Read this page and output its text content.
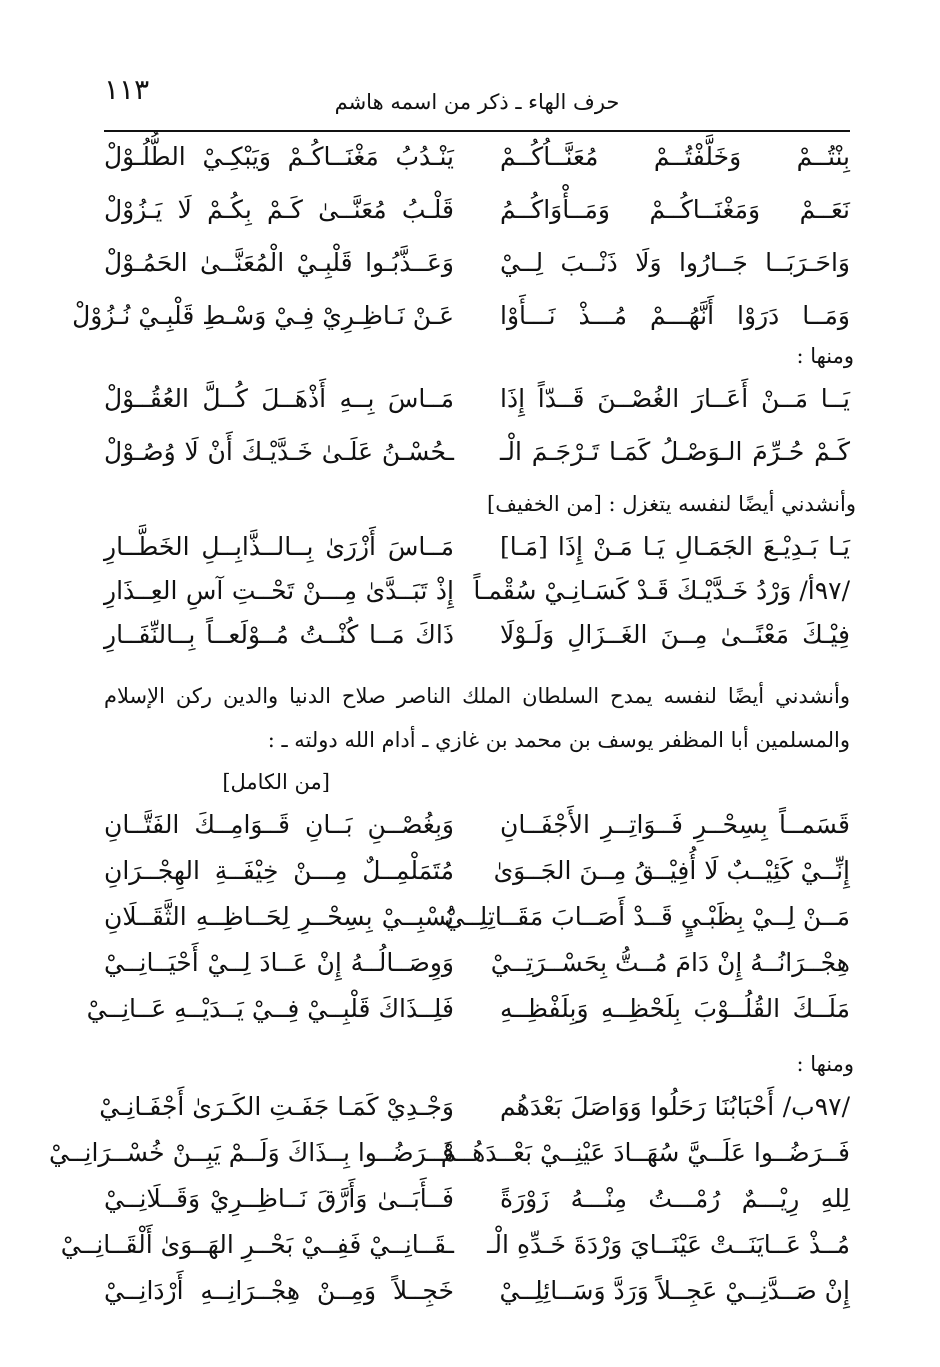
١١٣	حرف الهاء ـ ذكر من اسمه هاشم
بِنْتُــمْ وَخَلَّفْتُــمْ مُعَنَّــاُكُــمْ
يَنْـدُبُ مَغْنَــاكُـمْ وَيَبْكِـيْ الطُّلُـوْلْ
نَعَــمْ وَمَغْنَــاكُــمْ وَمَــأْوَاكُــمُ
قَلْـبُ مُعَنَّــىٰ كَـمْ بِكُـمْ لَا يَـزُوْلْ
وَاحَـرَبَــا جَــارُوا وَلَا ذَنْــبَ لِــيْ
وَعَــذَّبُـوا قَلْبِـيْ الْمُعَنَّــىٰ الحَمُـوْلْ
وَمَــا دَرَوْا أَنَّهُـــمْ مُـــذْ نَـــأَوْا
عَـنْ نَـاظِـرِيْ فِـيْ وَسْـطِ قَلْبِـيْ نُـزُوْلْ
ومنها :
يَــا مَــنْ أَعَــارَ الغُصْــنَ قَــدّاً إِذَا
مَــاسَ بِــهِ أَذْهَــلَ كُــلَّ العُقُــوْلْ
كَـمْ حُـرِّمَ الـوَصْـلُ كَمَـا تَـرْجَـمَ الْـ
ـحُسْـنُ عَلَـىٰ خَـدَّيْـكَ أَنْ لَا وُصُـوْلْ
وأنشدني أيضًا لنفسه يتغزل : [من الخفيف]
يَـا بَـدِيْـعَ الجَمَـالِ يَـا مَـنْ إِذَا [مَـا]
مَــاسَ أَزْرَىٰ بِــالــذَّابِــلِ الخَطَّــارِ
/٩٧أ/ وَرْدُ خَـدَّيْـكَ قَـدْ كَسَـانِـيْ سُقْمـاً
إِذْ تَبَــدَّىٰ مِـــنْ تَحْــتِ آسِ العِــذَارِ
فِيْـكَ مَعْنًــىٰ مِــنَ الغَــزَالِ وَلَـوْلَا
ذَاكَ مَــا كُنْــتُ مُــوْلَعــاً بِــالنِّفَــارِ
وأنشدني أيضًا لنفسه يمدح السلطان الملك الناصر صلاح الدنيا والدين ركن الإسلام
والمسلمين أبا المظفر يوسف بن محمد بن غازي ـ أدام الله دولته ـ :
[من الكامل]
قَسَمــاً بِسِحْــرِ فَــوَاتِــرِ الأَجْفَــانِ
وَبِغُصْــنِ بَــانِ قَــوَامِــكَ الفَتَّــانِ
إِنِّــيْ كَئِيْــبٌ لَا أُفِيْــقُ مِــنَ الجَــوَىٰ
مُتَمَلْمِــلٌ مِـــنْ خِيْفَــةِ الهِجْــرَانِ
مَــنْ لِــيْ بِظَبْـيٍ قَــدْ أَصَــابَ مَقَــاتِلِــيْ
يُسْبِــيْ بِسِحْــرِ لِحَــاظِــهِ الثَّقَــلَانِ
هِجْــرَانُــهُ إِنْ دَامَ مُــتُّ بِحَسْــرَتِــيْ
وَوِصَــالُــهُ إِنْ عَــادَ لِــيْ أَحْيَــانِــيْ
مَلَــكَ القُلُــوْبَ بِلَحْظِــهِ وَبِلَفْظِــهِ
فَلِــذَاكَ قَلْبِــيْ فِــيْ يَــدَيْــهِ عَــانِــيْ
ومنها :
/٩٧ب/ أَحْبَابُنَا رَحَلُوا وَوَاصَلَ بَعْدَهُم
وَجْـدِيْ كَمَـا جَفَـتِ الكَـرَىٰ أَجْفَـانِـيْ
فَــرَضُــوا عَلَــيَّ سُهَــادَ عَيْنِــيْ بَعْــدَهُــمْ
فَــرَضُــوا بِــذَاكَ وَلَــمْ يَبِــنْ خُسْــرَانِــيْ
لِلهِ رِيْـــمٌ رُمْـــتُ مِنْـــهُ زَوْرَةً
فَــأَبَــىٰ وَأَرَّقَ نَــاظِــرِيْ وَقَــلَانِــيْ
مُــذْ عَــايَنَــتْ عَيْنَــايَ وَرْدَةَ خَـدِّهِ الْـ
ـقَــانِــيْ فَفِــيْ بَحْــرِ الهَــوَىٰ أَلْقَــانِــيْ
إِنْ صَــدَّنِــيْ عَجِــلاً وَرَدَّ وَسَــائِلِــيْ
خَجِــلاً وَمِــنْ هِجْــرَانِــهِ أَرْدَانِــيْ
